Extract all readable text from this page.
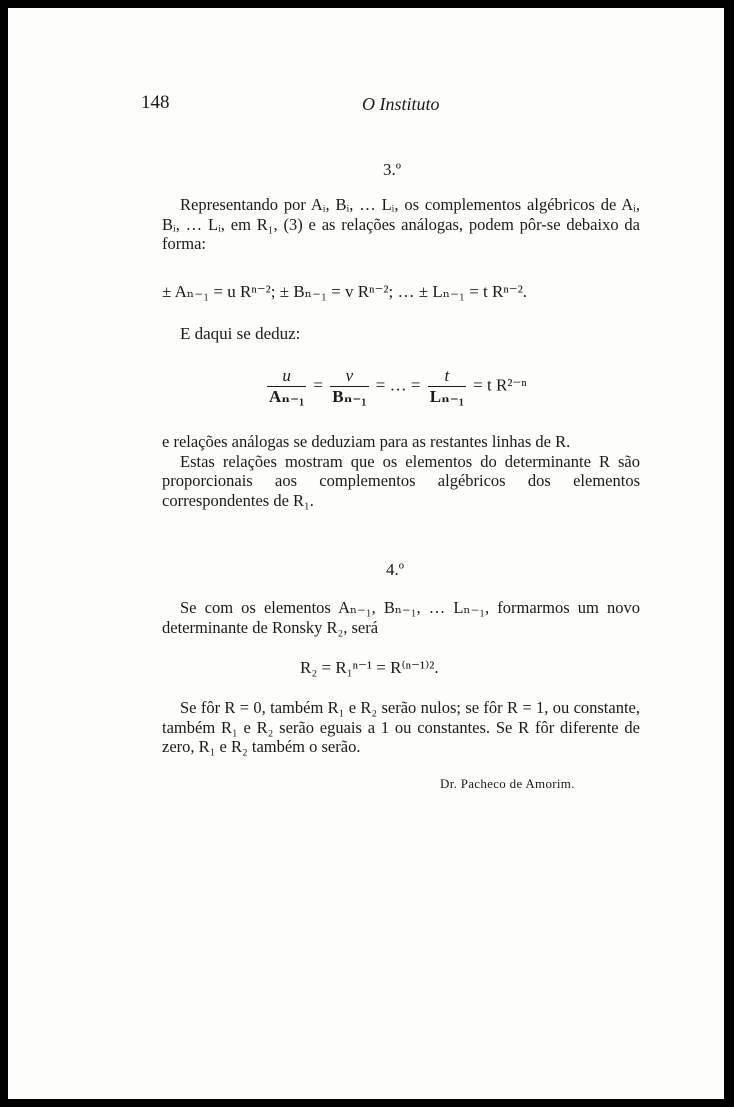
148	O Instituto
3.º

Representando por Aᵢ, Bᵢ, … Lᵢ, os complementos algébricos de Aᵢ, Bᵢ, … Lᵢ, em R₁, (3) e as relações análogas, podem pôr-se debaixo da forma:

± Aₙ₋₁ = u Rⁿ⁻²; ± Bₙ₋₁ = v Rⁿ⁻²; … ± Lₙ₋₁ = t Rⁿ⁻².
E daqui se deduz:
$\frac{u}{\text{Aₙ₋₁}} = \frac{v}{\text{Bₙ₋₁}}$ = … = $\frac{t}{\text{Lₙ₋₁}} = t$ R²⁻ⁿ

e relações análogas se deduziam para as restantes linhas de R.

Estas relações mostram que os elementos do determinante R são proporcionais aos complementos algébricos dos elementos correspondentes de R₁.

4.º

Se com os elementos Aₙ₋₁, Bₙ₋₁, … Lₙ₋₁, formarmos um novo determinante de Ronsky R₂, será

R₂ = R₁ⁿ⁻¹ = R⁽ⁿ⁻¹⁾².

Se fôr R = 0, também R₁ e R₂ serão nulos; se fôr R = 1, ou constante, também R₁ e R₂ serão eguais a 1 ou constantes. Se R fôr diferente de zero, R₁ e R₂ também o serão.

Dr. Pacheco de Amorim.
